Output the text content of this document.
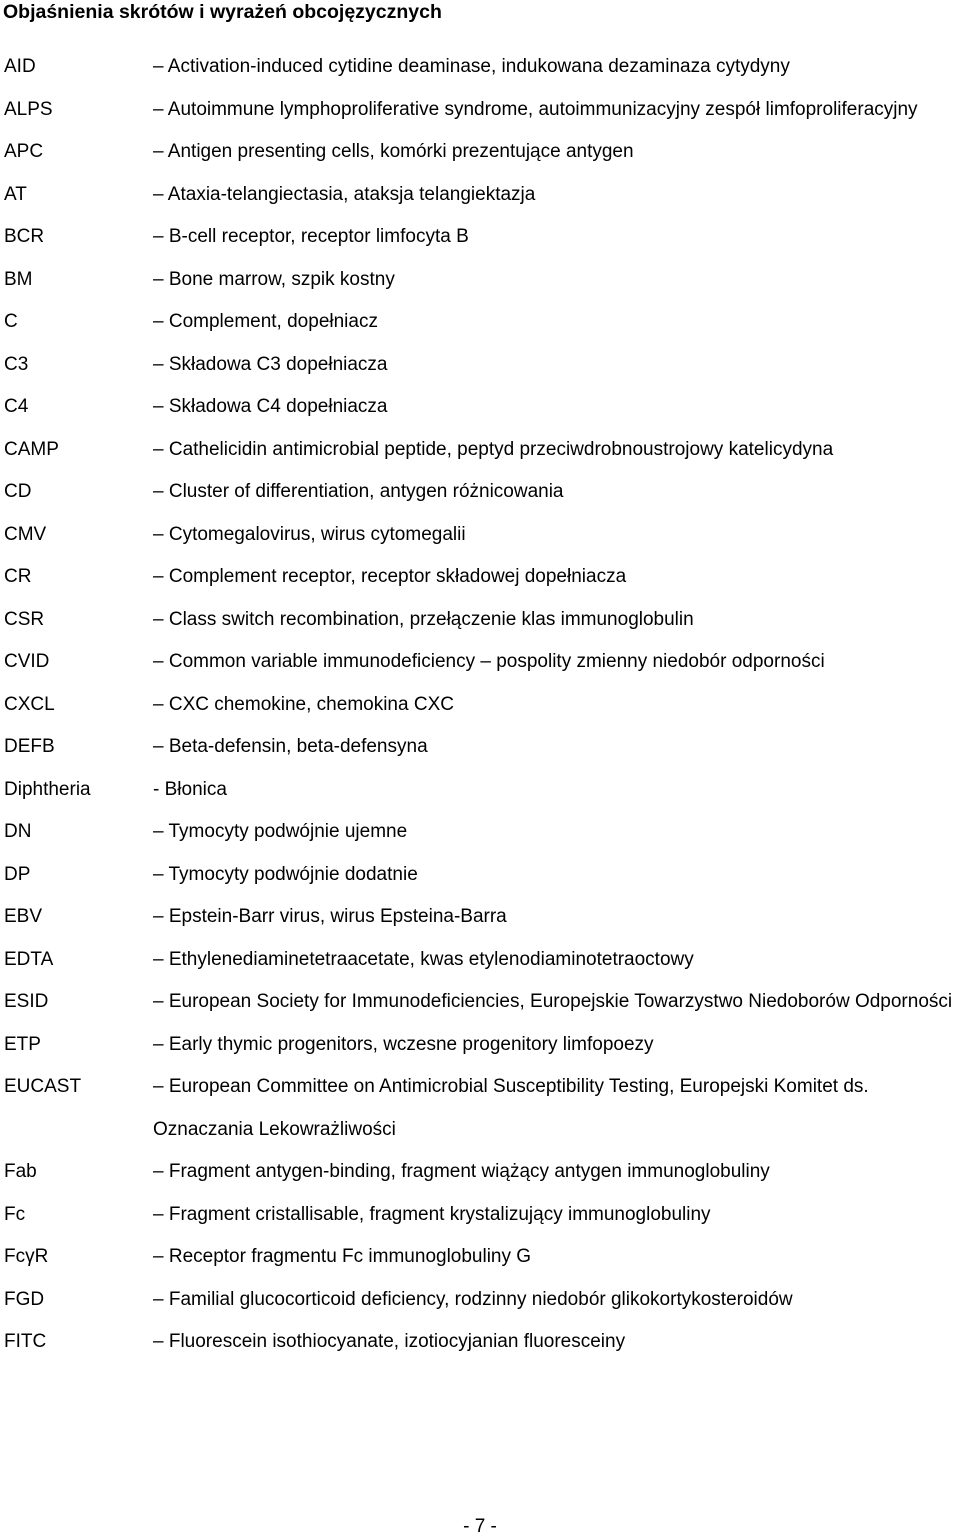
Objaśnienia skrótów i wyrażeń obcojęzycznych
AID	– Activation-induced cytidine deaminase, indukowana dezaminaza cytydyny
ALPS	– Autoimmune lymphoproliferative syndrome, autoimmunizacyjny zespół limfoproliferacyjny
APC	– Antigen presenting cells, komórki prezentujące antygen
AT	– Ataxia-telangiectasia, ataksja telangiektazja
BCR	– B-cell receptor, receptor limfocyta B
BM	– Bone marrow, szpik kostny
C	– Complement, dopełniacz
C3	– Składowa C3 dopełniacza
C4	– Składowa C4 dopełniacza
CAMP	– Cathelicidin antimicrobial peptide, peptyd przeciwdrobnoustrojowy katelicydyna
CD	– Cluster of differentiation, antygen różnicowania
CMV	– Cytomegalovirus, wirus cytomegalii
CR	– Complement receptor, receptor składowej dopełniacza
CSR	– Class switch recombination, przełączenie klas immunoglobulin
CVID	– Common variable immunodeficiency – pospolity zmienny niedobór odporności
CXCL	– CXC chemokine, chemokina CXC
DEFB	– Beta-defensin, beta-defensyna
Diphtheria	- Błonica
DN	– Tymocyty podwójnie ujemne
DP	– Tymocyty podwójnie dodatnie
EBV	– Epstein-Barr virus, wirus Epsteina-Barra
EDTA	– Ethylenediaminetetraacetate, kwas etylenodiaminotetraoctowy
ESID	– European Society for Immunodeficiencies, Europejskie Towarzystwo Niedoborów Odporności
ETP	– Early thymic progenitors, wczesne progenitory limfopoezy
EUCAST	– European Committee on Antimicrobial Susceptibility Testing, Europejski Komitet ds. Oznaczania Lekowrażliwości
Fab	– Fragment antygen-binding, fragment wiążący antygen immunoglobuliny
Fc	– Fragment cristallisable, fragment krystalizujący immunoglobuliny
FcγR	– Receptor fragmentu Fc immunoglobuliny G
FGD	– Familial glucocorticoid deficiency, rodzinny niedobór glikokortykosteroidów
FITC	– Fluorescein isothiocyanate, izotiocyjanian fluoresceiny
- 7 -
